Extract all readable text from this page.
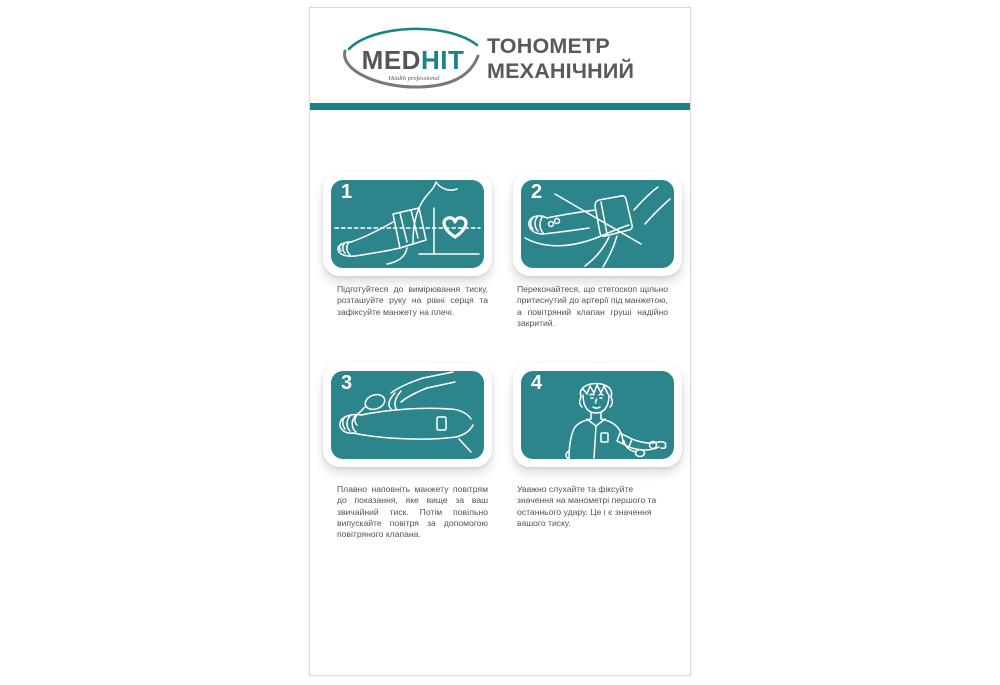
MEDHIT
Health professional
ТОНОМЕТР МЕХАНІЧНИЙ
1	2
3	4
Підготуйтеся до вимірювання тиску, розташуйте руку на рівні серця та зафіксуйте манжету на плечі.
Переконайтеся, що стетоскоп щільно притиснутий до артерії під манжетою, а повітряний клапан груші надійно закритий.
Плавно наповніть манжету повітрям до показання, яке вище за ваш звичайний тиск. Потім повільно випускайте повітря за допомогою повітряного клапана.
Уважно слухайте та фіксуйте значення на манометрі першого та останнього удару. Це і є значення вашого тиску.
